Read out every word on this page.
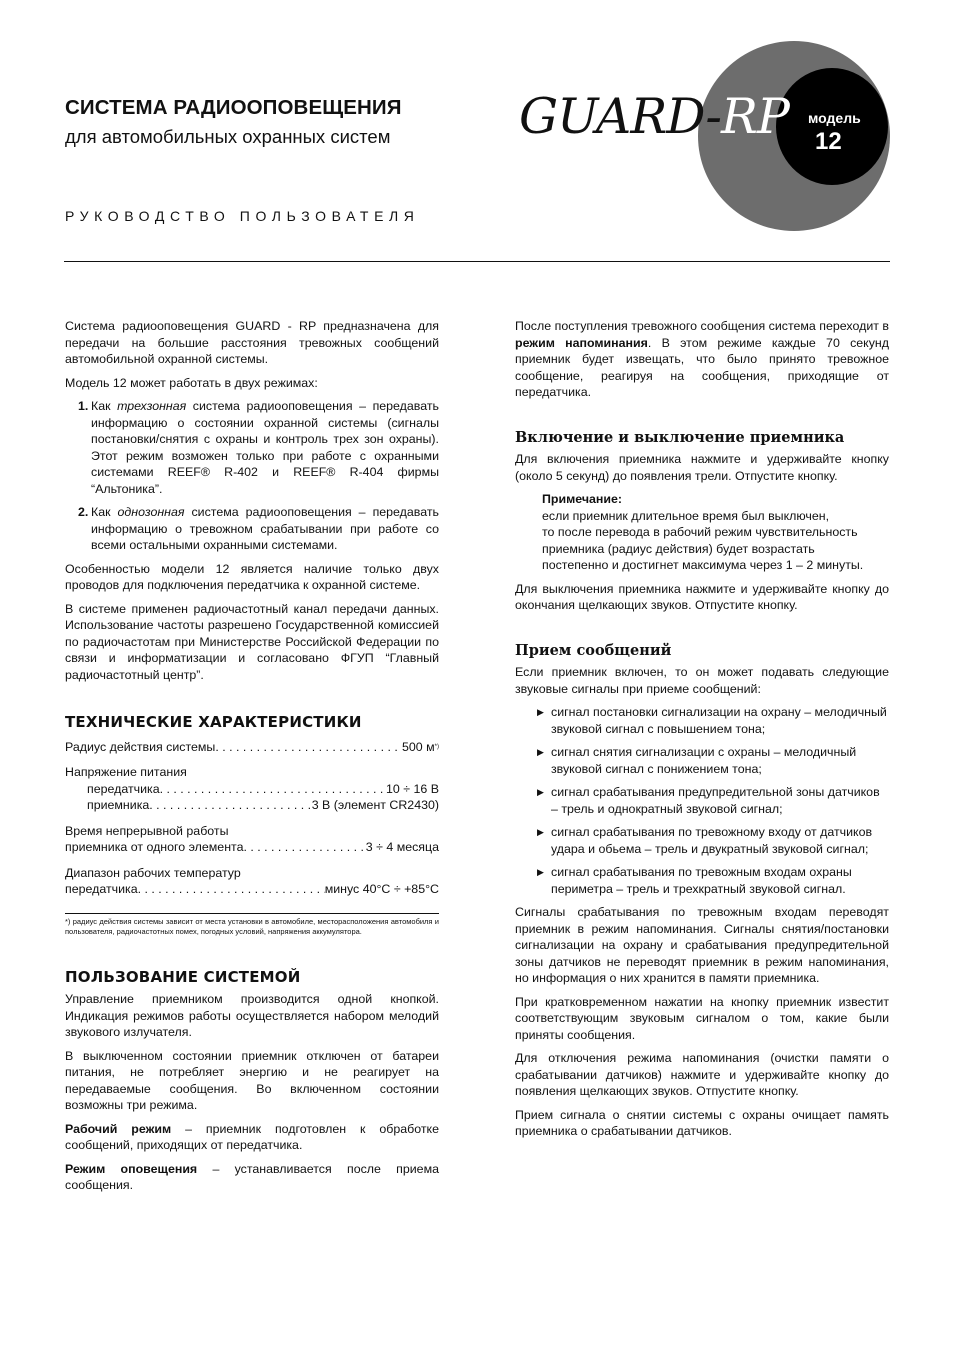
СИСТЕМА РАДИООПОВЕЩЕНИЯ
для автомобильных охранных систем
РУКОВОДСТВО ПОЛЬЗОВАТЕЛЯ
GUARD-RP модель
12

Система радиооповещения GUARD - RP предназначена для передачи на большие расстояния тревожных сообщений автомобильной охранной системы.

Модель 12 может работать в двух режимах:

1. Как трехзонная система радиооповещения – передавать информацию о состоянии охранной системы (сигналы постановки/снятия с охраны и контроль трех зон охраны). Этот режим возможен только при работе с охранными системами REEF® R-402 и REEF® R-404 фирмы “Альтоника”.
2. Как однозонная система радиооповещения – передавать информацию о тревожном срабатывании при работе со всеми остальными охранными системами.

Особенностью модели 12 является наличие только двух проводов для подключения передатчика к охранной системе.

В системе применен радиочастотный канал передачи данных. Использование частоты разрешено Государственной комиссией по радиочастотам при Министерстве Российской Федерации по связи и информатизации и согласовано ФГУП “Главный радиочастотный центр”.

ТЕХНИЧЕСКИЕ ХАРАКТЕРИСТИКИ
Радиус действия системы . . .	500 м *)
Напряжение питания
передатчика . . .	10 ÷ 16 В
приемника . . .	3 В (элемент CR2430)
Время непрерывной работы
приемника от одного элемента . . .	3 ÷ 4 месяца
Диапазон рабочих температур
передатчика . . .	минус 40°С ÷ +85°С
*) радиус действия системы зависит от места установки в автомобиле, месторасположения автомобиля и пользователя, радиочастотных помех, погодных условий, напряжения аккумулятора.
ПОЛЬЗОВАНИЕ СИСТЕМОЙ

Управление приемником производится одной кнопкой. Индикация режимов работы осуществляется набором мелодий звукового излучателя.

В выключенном состоянии приемник отключен от батареи питания, не потребляет энергию и не реагирует на передаваемые сообщения. Во включенном состоянии возможны три режима.

Рабочий режим – приемник подготовлен к обработке сообщений, приходящих от передатчика.

Режим оповещения – устанавливается после приема сообщения.

После поступления тревожного сообщения система переходит в режим напоминания. В этом режиме каждые 70 секунд приемник будет извещать, что было принято тревожное сообщение, реагируя на сообщения, приходящие от передатчика.

Включение и выключение приемника

Для включения приемника нажмите и удерживайте кнопку (около 5 секунд) до появления трели. Отпустите кнопку.

Примечание:
если приемник длительное время был выключен,
то после перевода в рабочий режим чувствительность
приемника (радиус действия) будет возрастать
постепенно и достигнет максимума через 1 – 2 минуты.

Для выключения приемника нажмите и удерживайте кнопку до окончания щелкающих звуков. Отпустите кнопку.

Прием сообщений

Если приемник включен, то он может подавать следующие звуковые сигналы при приеме сообщений:

▶ сигнал постановки сигнализации на охрану – мелодичный звуковой сигнал с повышением тона;
▶ сигнал снятия сигнализации с охраны – мелодичный звуковой сигнал с понижением тона;
▶ сигнал срабатывания предупредительной зоны датчиков – трель и однократный звуковой сигнал;
▶ сигнал срабатывания по тревожному входу от датчиков удара и обьема – трель и двукратный звуковой сигнал;
▶ сигнал срабатывания по тревожным входам охраны периметра – трель и трехкратный звуковой сигнал.

Сигналы срабатывания по тревожным входам переводят приемник в режим напоминания. Сигналы снятия/постановки сигнализации на охрану и срабатывания предупредительной зоны датчиков не переводят приемник в режим напоминания, но информация о них хранится в памяти приемника.

При кратковременном нажатии на кнопку приемник известит соответствующим звуковым сигналом о том, какие были приняты сообщения.

Для отключения режима напоминания (очистки памяти о срабатывании датчиков) нажмите и удерживайте кнопку до появления щелкающих звуков. Отпустите кнопку.

Прием сигнала о снятии системы с охраны очищает память приемника о срабатывании датчиков.
